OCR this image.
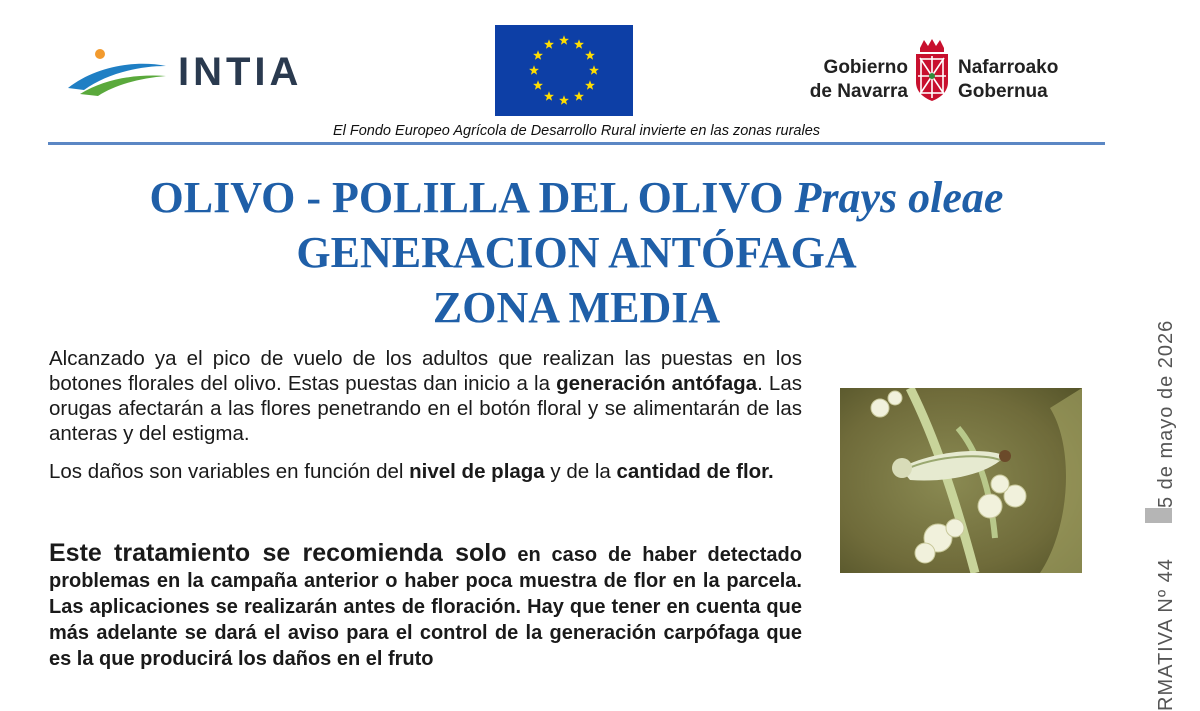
INTIA	Gobierno
de Navarra
Nafarroako
Gobernua
El Fondo Europeo Agrícola de Desarrollo Rural invierte en las zonas rurales
OLIVO - POLILLA DEL OLIVO Prays oleae
GENERACION ANTÓFAGA
ZONA MEDIA

Alcanzado ya el pico de vuelo de los adultos que realizan las puestas en los botones florales del olivo. Estas puestas dan inicio a la generación antófaga. Las orugas afectarán a las flores penetrando en el botón floral y se alimentarán de las anteras y del estigma.

Los daños son variables en función del nivel de plaga y de la cantidad de flor.

Este tratamiento se recomienda solo en caso de haber detectado problemas en la campaña anterior o haber poca muestra de flor en la parcela. Las aplicaciones se realizarán antes de floración. Hay que tener en cuenta que más adelante se dará el aviso para el control de la generación carpófaga que es la que producirá los daños en el fruto
5 de mayo de 2026
RMATIVA Nº 44
